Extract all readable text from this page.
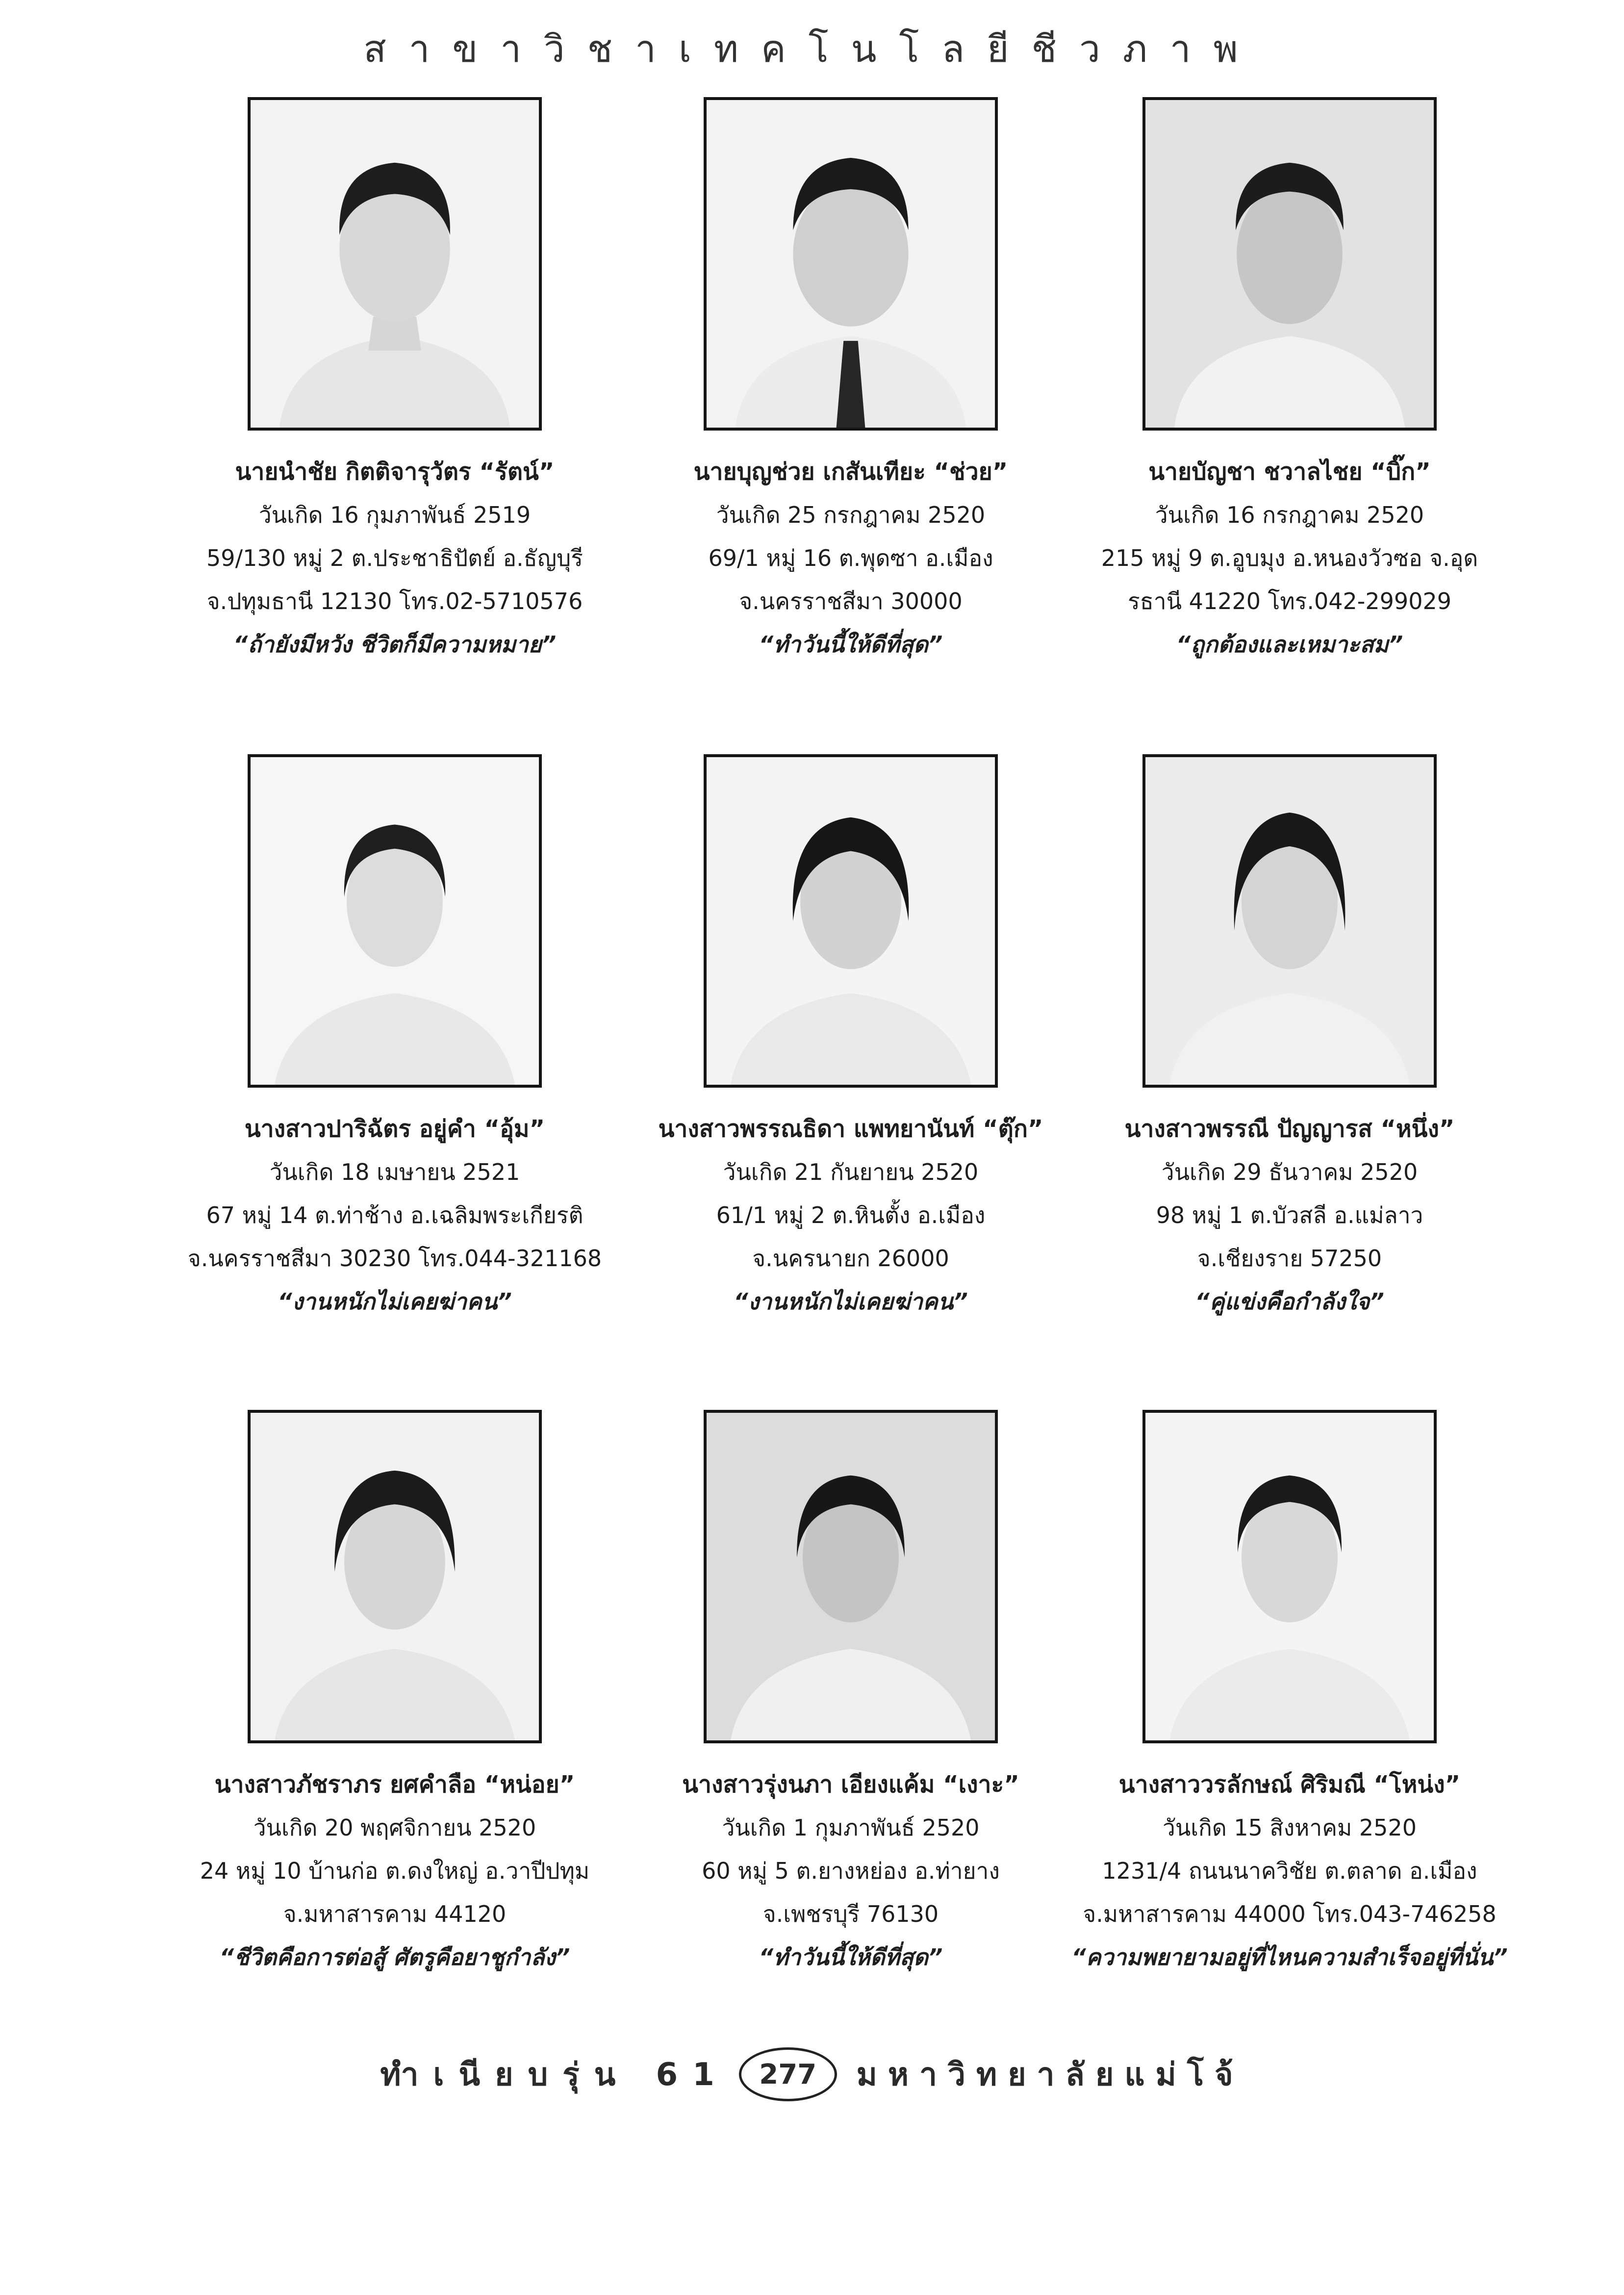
สาขาวิชาเทคโนโลยีชีวภาพ
นายนำชัย กิตติจารุวัตร “รัตน์”
วันเกิด 16 กุมภาพันธ์ 2519
59/130 หมู่ 2 ต.ประชาธิปัตย์ อ.ธัญบุรี
จ.ปทุมธานี 12130 โทร.02-5710576
“ถ้ายังมีหวัง ชีวิตก็มีความหมาย”
นายบุญช่วย เกสันเทียะ “ช่วย”
วันเกิด 25 กรกฎาคม 2520
69/1 หมู่ 16 ต.พุดซา อ.เมือง
จ.นครราชสีมา 30000
“ทำวันนี้ให้ดีที่สุด”
นายบัญชา ชวาลไชย “บิ๊ก”
วันเกิด 16 กรกฎาคม 2520
215 หมู่ 9 ต.อูบมุง อ.หนองวัวซอ จ.อุด
รธานี 41220 โทร.042-299029
“ถูกต้องและเหมาะสม”
นางสาวปาริฉัตร อยู่คำ “อุ้ม”
วันเกิด 18 เมษายน 2521
67 หมู่ 14 ต.ท่าช้าง อ.เฉลิมพระเกียรติ
จ.นครราชสีมา 30230 โทร.044-321168
“งานหนักไม่เคยฆ่าคน”
นางสาวพรรณธิดา แพทยานันท์ “ตุ๊ก”
วันเกิด 21 กันยายน 2520
61/1 หมู่ 2 ต.หินตั้ง อ.เมือง
จ.นครนายก 26000
“งานหนักไม่เคยฆ่าคน”
นางสาวพรรณี ปัญญารส “หนึ่ง”
วันเกิด 29 ธันวาคม 2520
98 หมู่ 1 ต.บัวสลี อ.แม่ลาว
จ.เชียงราย 57250
“คู่แข่งคือกำลังใจ”
นางสาวภัชราภร ยศคำลือ “หน่อย”
วันเกิด 20 พฤศจิกายน 2520
24 หมู่ 10 บ้านก่อ ต.ดงใหญ่ อ.วาปีปทุม
จ.มหาสารคาม 44120
“ชีวิตคือการต่อสู้ ศัตรูคือยาชูกำลัง”
นางสาวรุ่งนภา เอียงแค้ม “เงาะ”
วันเกิด 1 กุมภาพันธ์ 2520
60 หมู่ 5 ต.ยางหย่อง อ.ท่ายาง
จ.เพชรบุรี 76130
“ทำวันนี้ให้ดีที่สุด”
นางสาววรลักษณ์ ศิริมณี “โหน่ง”
วันเกิด 15 สิงหาคม 2520
1231/4 ถนนนาควิชัย ต.ตลาด อ.เมือง
จ.มหาสารคาม 44000 โทร.043-746258
“ความพยายามอยู่ที่ไหนความสำเร็จอยู่ที่นั่น”
ทำเนียบรุ่น 61	277	มหาวิทยาลัยแม่โจ้
